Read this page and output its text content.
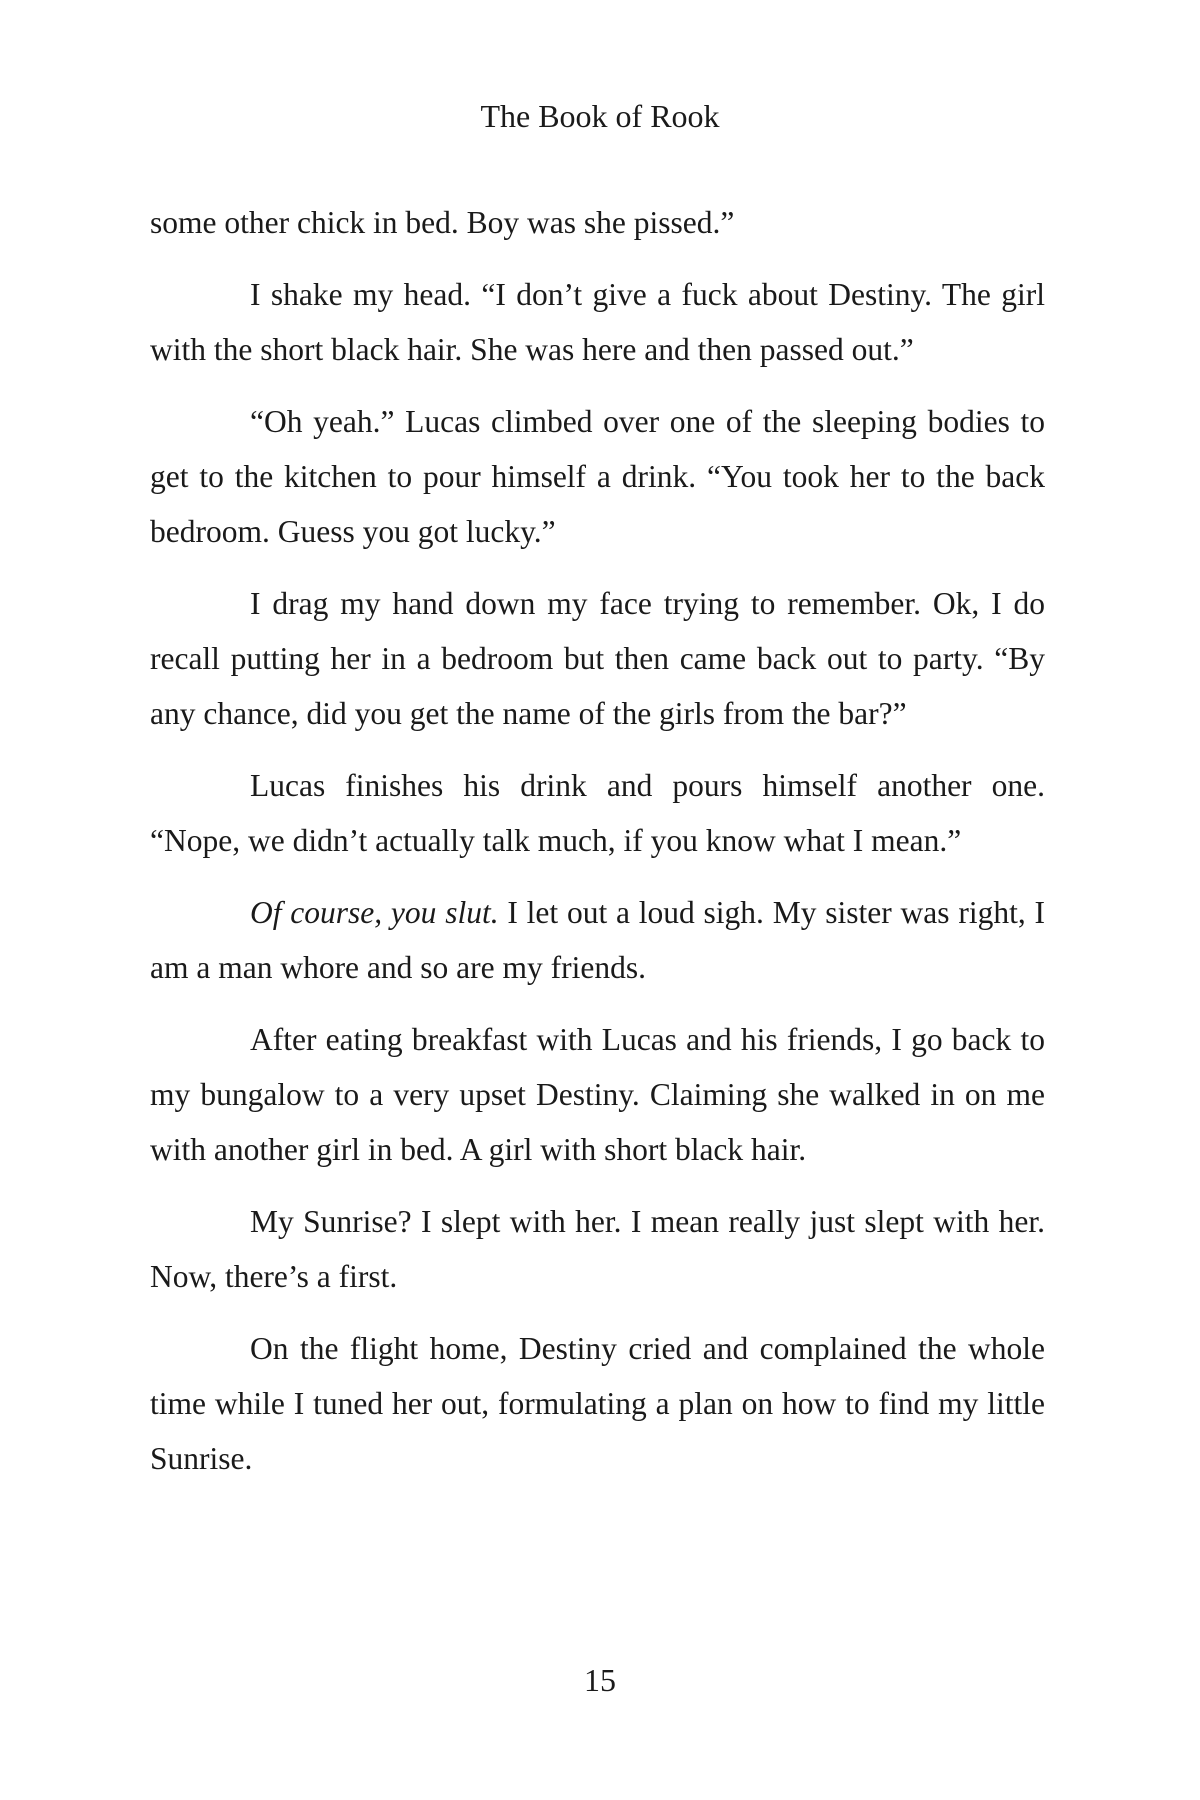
The Book of Rook

some other chick in bed. Boy was she pissed.”

I shake my head. “I don’t give a fuck about Destiny. The girl with the short black hair. She was here and then passed out.”

“Oh yeah.” Lucas climbed over one of the sleeping bodies to get to the kitchen to pour himself a drink. “You took her to the back bedroom. Guess you got lucky.”

I drag my hand down my face trying to remember. Ok, I do recall putting her in a bedroom but then came back out to party. “By any chance, did you get the name of the girls from the bar?”

Lucas finishes his drink and pours himself another one. “Nope, we didn’t actually talk much, if you know what I mean.”

Of course, you slut. I let out a loud sigh. My sister was right, I am a man whore and so are my friends.

After eating breakfast with Lucas and his friends, I go back to my bungalow to a very upset Destiny. Claiming she walked in on me with another girl in bed. A girl with short black hair.

My Sunrise? I slept with her. I mean really just slept with her. Now, there’s a first.

On the flight home, Destiny cried and complained the whole time while I tuned her out, formulating a plan on how to find my little Sunrise.

15
